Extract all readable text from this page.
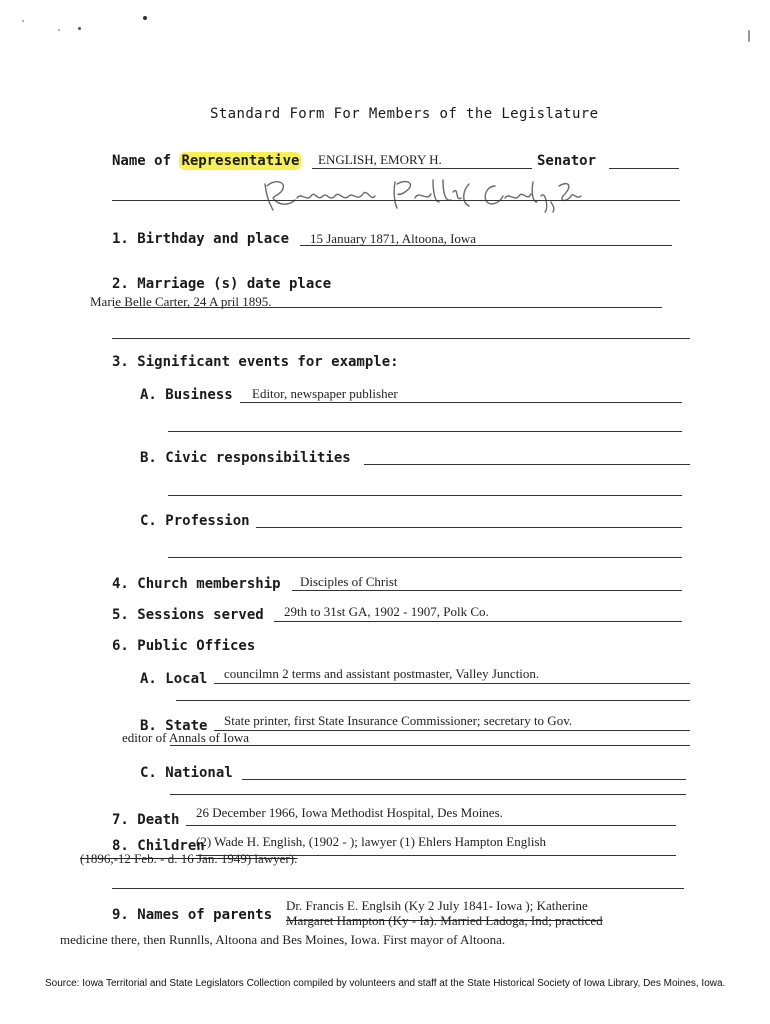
Standard Form For Members of the Legislature
Name of Representative ENGLISH, EMORY H.	Senator
1. Birthday and place 15 January 1871, Altoona, Iowa
2. Marriage (s) date place
Marie Belle Carter, 24 A pril 1895.
3. Significant events for example:
A. Business Editor, newspaper publisher
B. Civic responsibilities
C. Profession
4. Church membership Disciples of Christ
5. Sessions served 29th to 31st GA, 1902 - 1907, Polk Co.
6. Public Offices
A. Local councilmn 2 terms and assistant postmaster, Valley Junction.
B. State State printer, first State Insurance Commissioner; secretary to Gov.
editor of Annals of Iowa
C. National
7. Death 26 December 1966, Iowa Methodist Hospital, Des Moines.
8. Children
(2) Wade H. English, (1902 - ); lawyer (1) Ehlers Hampton English
(1896,-12 Feb. - d. 16 Jan. 1949) lawyer).
9. Names of parents
Dr. Francis E. Englsih (Ky 2 July 1841- Iowa ); Katherine
Margaret Hampton (Ky - Ia). Married Ladoga, Ind; practiced
medicine there, then Runnlls, Altoona and Bes Moines, Iowa. First mayor of Altoona.
Source: Iowa Territorial and State Legislators Collection compiled by volunteers and staff at the State Historical Society of Iowa Library, Des Moines, Iowa.
